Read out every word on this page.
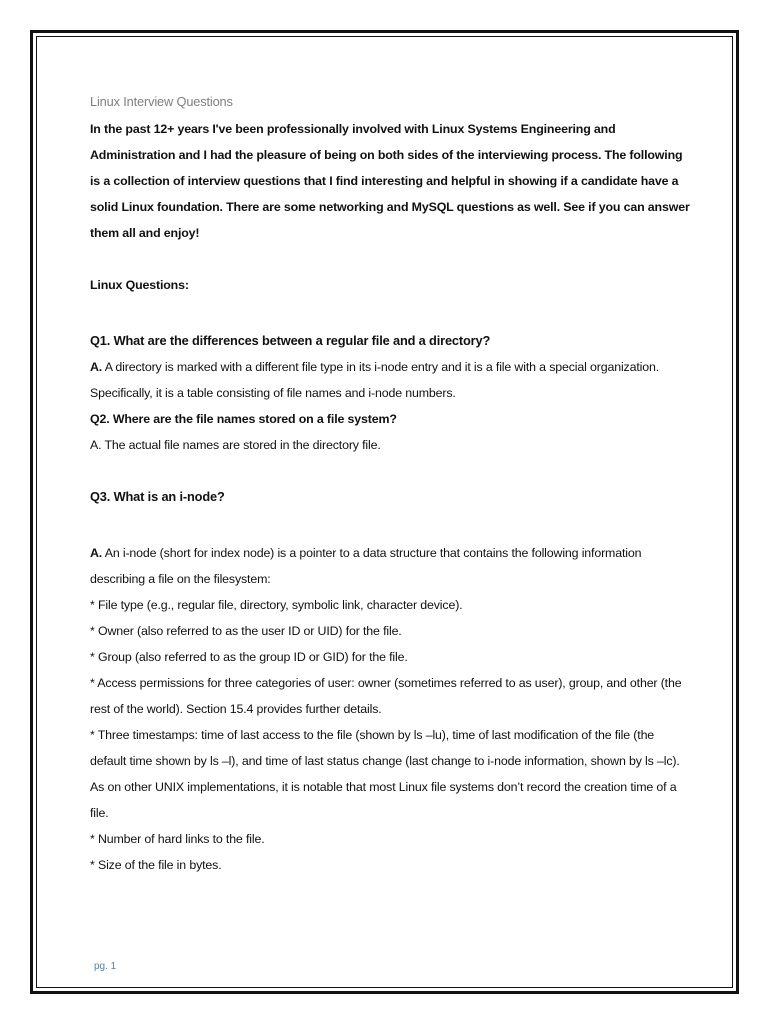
Linux Interview Questions

In the past 12+ years I've been professionally involved with Linux Systems Engineering and Administration and I had the pleasure of being on both sides of the interviewing process. The following is a collection of interview questions that I find interesting and helpful in showing if a candidate have a solid Linux foundation. There are some networking and MySQL questions as well. See if you can answer them all and enjoy!

Linux Questions:

Q1. What are the differences between a regular file and a directory?

A. A directory is marked with a different file type in its i-node entry and it is a file with a special organization. Specifically, it is a table consisting of file names and i-node numbers.

Q2. Where are the file names stored on a file system?

A. The actual file names are stored in the directory file.

Q3. What is an i-node?

A. An i-node (short for index node) is a pointer to a data structure that contains the following information describing a file on the filesystem:

* File type (e.g., regular file, directory, symbolic link, character device).

* Owner (also referred to as the user ID or UID) for the file.

* Group (also referred to as the group ID or GID) for the file.

* Access permissions for three categories of user: owner (sometimes referred to as user), group, and other (the rest of the world). Section 15.4 provides further details.

* Three timestamps: time of last access to the file (shown by ls –lu), time of last modification of the file (the default time shown by ls –l), and time of last status change (last change to i-node information, shown by ls –lc). As on other UNIX implementations, it is notable that most Linux file systems don’t record the creation time of a file.

* Number of hard links to the file.

* Size of the file in bytes.

pg. 1
